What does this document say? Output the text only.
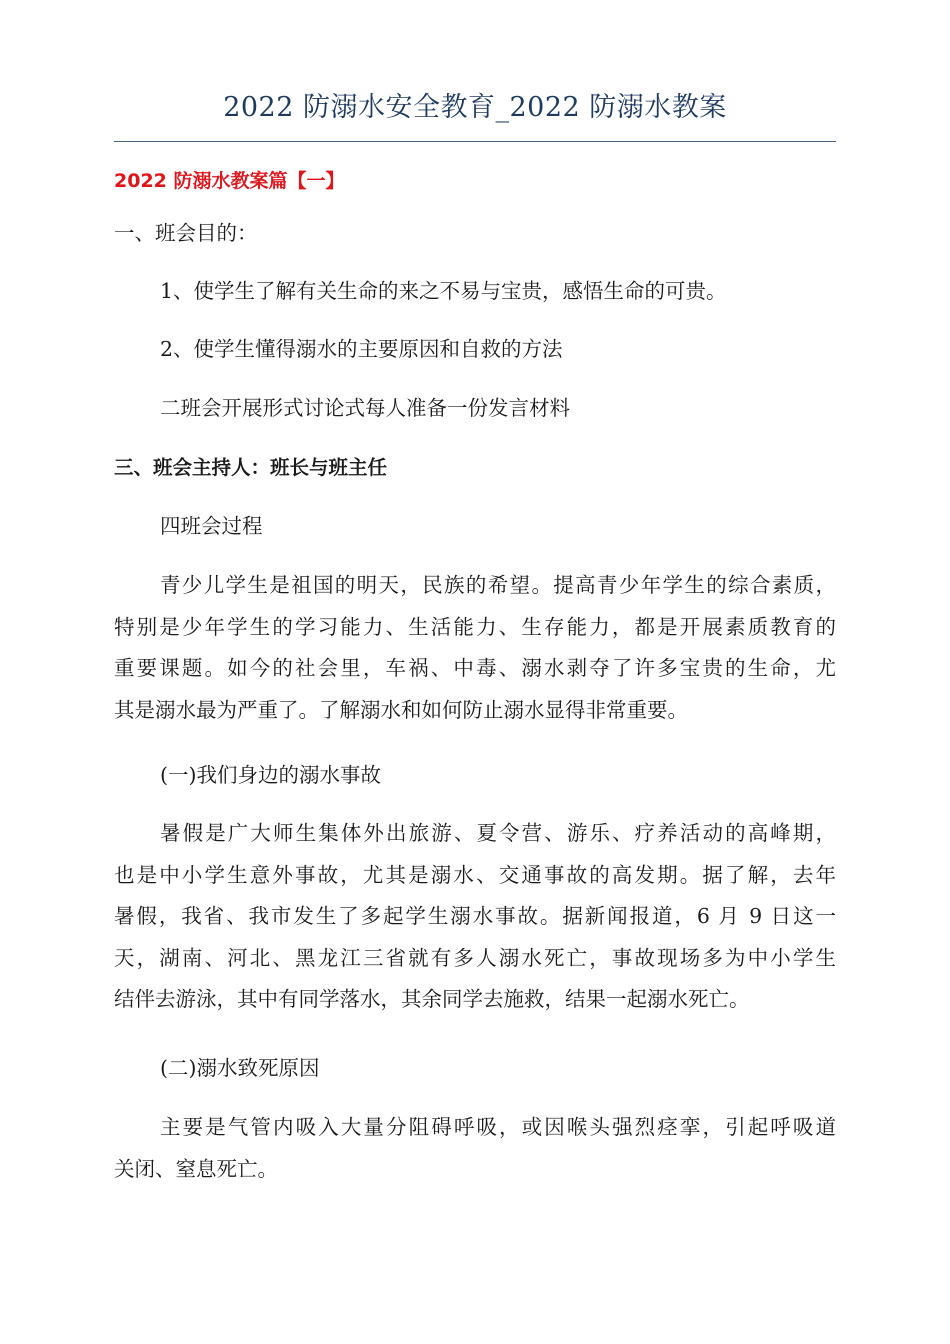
2022 防溺水安全教育_2022 防溺水教案
2022 防溺水教案篇【一】
一、班会目的：
1、使学生了解有关生命的来之不易与宝贵，感悟生命的可贵。
2、使学生懂得溺水的主要原因和自救的方法
二班会开展形式讨论式每人准备一份发言材料
三、班会主持人：班长与班主任
四班会过程
青少儿学生是祖国的明天，民族的希望。提高青少年学生的综合素质，
特别是少年学生的学习能力、生活能力、生存能力，都是开展素质教育的
重要课题。如今的社会里，车祸、中毒、溺水剥夺了许多宝贵的生命，尤
其是溺水最为严重了。了解溺水和如何防止溺水显得非常重要。
(一)我们身边的溺水事故
暑假是广大师生集体外出旅游、夏令营、游乐、疗养活动的高峰期，
也是中小学生意外事故，尤其是溺水、交通事故的高发期。据了解，去年
暑假，我省、我市发生了多起学生溺水事故。据新闻报道，6 月 9 日这一
天，湖南、河北、黑龙江三省就有多人溺水死亡，事故现场多为中小学生
结伴去游泳，其中有同学落水，其余同学去施救，结果一起溺水死亡。
(二)溺水致死原因
主要是气管内吸入大量分阻碍呼吸，或因喉头强烈痉挛，引起呼吸道
关闭、窒息死亡。
